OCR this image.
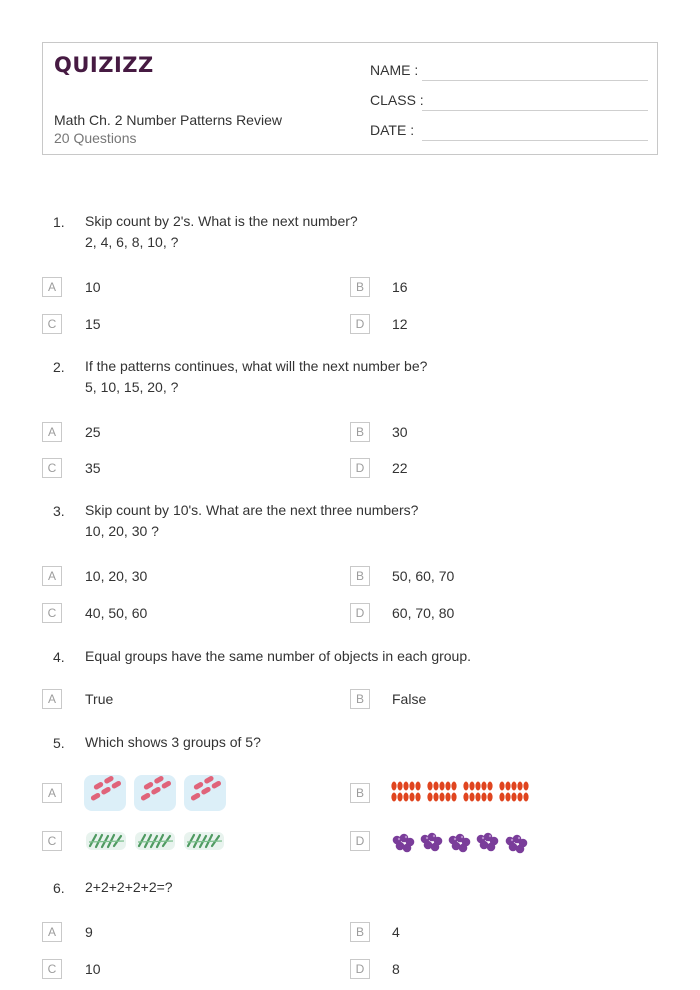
QUIZIZZ
Math Ch. 2 Number Patterns Review
20 Questions
NAME :
CLASS :
DATE :
1. Skip count by 2's. What is the next number?
2, 4, 6, 8, 10, ?
A	10	B	16
C	15	D	12
2. If the patterns continues, what will the next number be?
5, 10, 15, 20, ?
A	25	B	30
C	35	D	22
3. Skip count by 10's. What are the next three numbers?
10, 20, 30 ?
A	10, 20, 30	B	50, 60, 70
C	40, 50, 60	D	60, 70, 80
4. Equal groups have the same number of objects in each group.
A	True	B	False
5. Which shows 3 groups of 5?
A	B
C	D
6. 2+2+2+2+2=?
A	9	B	4
C	10	D	8
